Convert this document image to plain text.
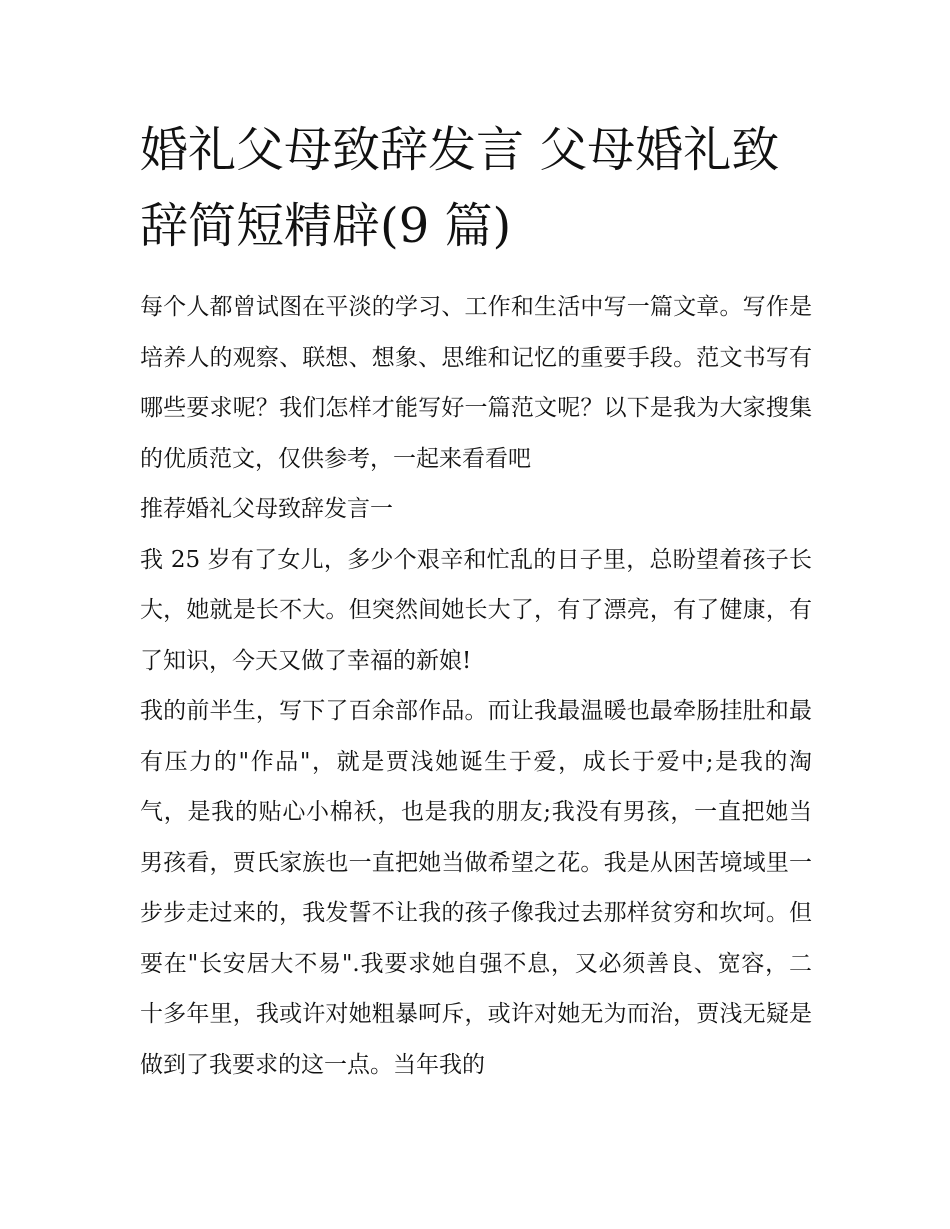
婚礼父母致辞发言 父母婚礼致辞简短精辟(9 篇)

每个人都曾试图在平淡的学习、工作和生活中写一篇文章。写作是培养人的观察、联想、想象、思维和记忆的重要手段。范文书写有哪些要求呢？我们怎样才能写好一篇范文呢？以下是我为大家搜集的优质范文，仅供参考，一起来看看吧

推荐婚礼父母致辞发言一

我 25 岁有了女儿，多少个艰辛和忙乱的日子里，总盼望着孩子长大，她就是长不大。但突然间她长大了，有了漂亮，有了健康，有了知识，今天又做了幸福的新娘!

我的前半生，写下了百余部作品。而让我最温暖也最牵肠挂肚和最有压力的"作品"，就是贾浅她诞生于爱，成长于爱中;是我的淘气，是我的贴心小棉袄，也是我的朋友;我没有男孩，一直把她当男孩看，贾氏家族也一直把她当做希望之花。我是从困苦境域里一步步走过来的，我发誓不让我的孩子像我过去那样贫穷和坎坷。但要在"长安居大不易".我要求她自强不息，又必须善良、宽容，二十多年里，我或许对她粗暴呵斥，或许对她无为而治，贾浅无疑是做到了我要求的这一点。当年我的
